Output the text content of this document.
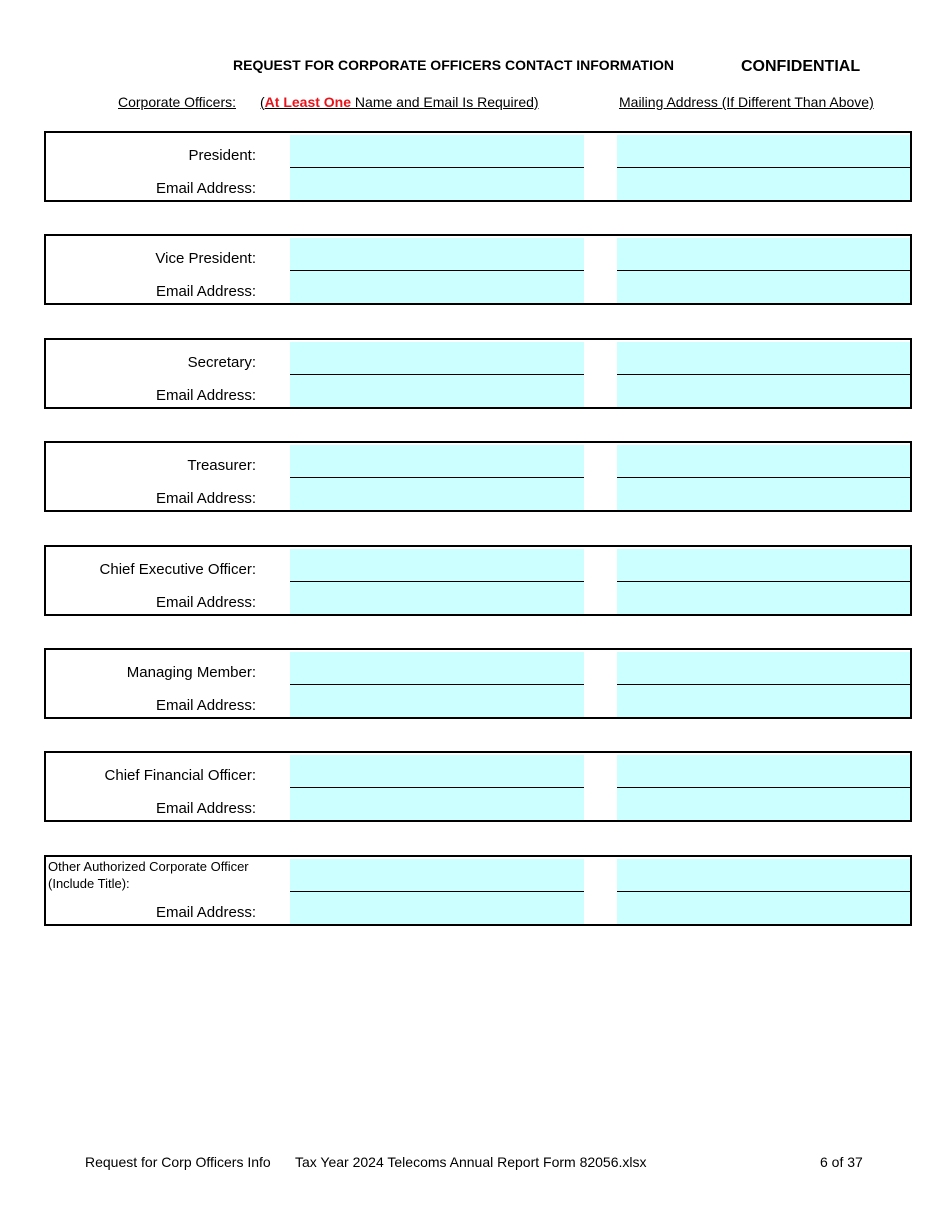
REQUEST FOR CORPORATE OFFICERS CONTACT INFORMATION	CONFIDENTIAL
Corporate Officers: (At Least One Name and Email Is Required)	Mailing Address (If Different Than Above)
President:
Email Address:
Vice President:
Email Address:
Secretary:
Email Address:
Treasurer:
Email Address:
Chief Executive Officer:
Email Address:
Managing Member:
Email Address:
Chief Financial Officer:
Email Address:
Other Authorized Corporate Officer
(Include Title):
Email Address:
Request for Corp Officers Info Tax Year 2024 Telecoms Annual Report Form 82056.xlsx	6 of 37
